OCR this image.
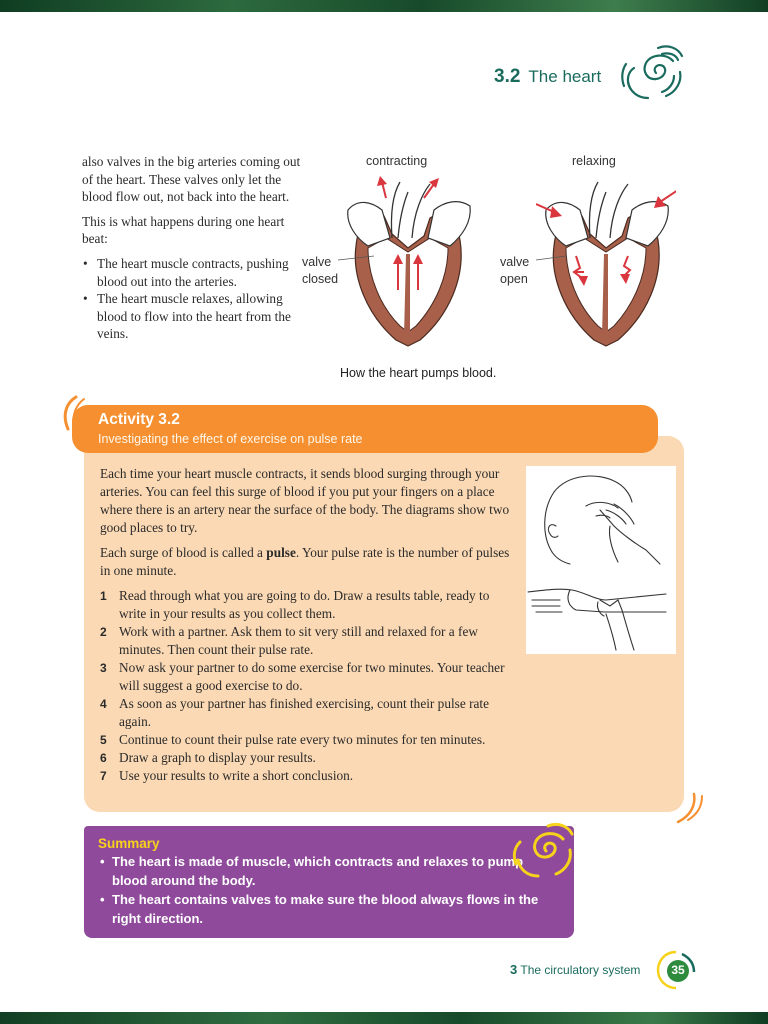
3.2 The heart

also valves in the big arteries coming out of the heart. These valves only let the blood flow out, not back into the heart.

This is what happens during one heart beat:

• The heart muscle contracts, pushing blood out into the arteries.
• The heart muscle relaxes, allowing blood to flow into the heart from the veins.
contracting	relaxing
valve
closed
valve
open
How the heart pumps blood.
Activity 3.2
Investigating the effect of exercise on pulse rate

Each time your heart muscle contracts, it sends blood surging through your arteries. You can feel this surge of blood if you put your fingers on a place where there is an artery near the surface of the body. The diagrams show two good places to try.

Each surge of blood is called a pulse. Your pulse rate is the number of pulses in one minute.

1 Read through what you are going to do. Draw a results table, ready to write in your results as you collect them.
2 Work with a partner. Ask them to sit very still and relaxed for a few minutes. Then count their pulse rate.
3 Now ask your partner to do some exercise for two minutes. Your teacher will suggest a good exercise to do.
4 As soon as your partner has finished exercising, count their pulse rate again.
5 Continue to count their pulse rate every two minutes for ten minutes.
6 Draw a graph to display your results.
7 Use your results to write a short conclusion.
Summary
• The heart is made of muscle, which contracts and relaxes to pump blood around the body.
• The heart contains valves to make sure the blood always flows in the right direction.
3 The circulatory system	35
